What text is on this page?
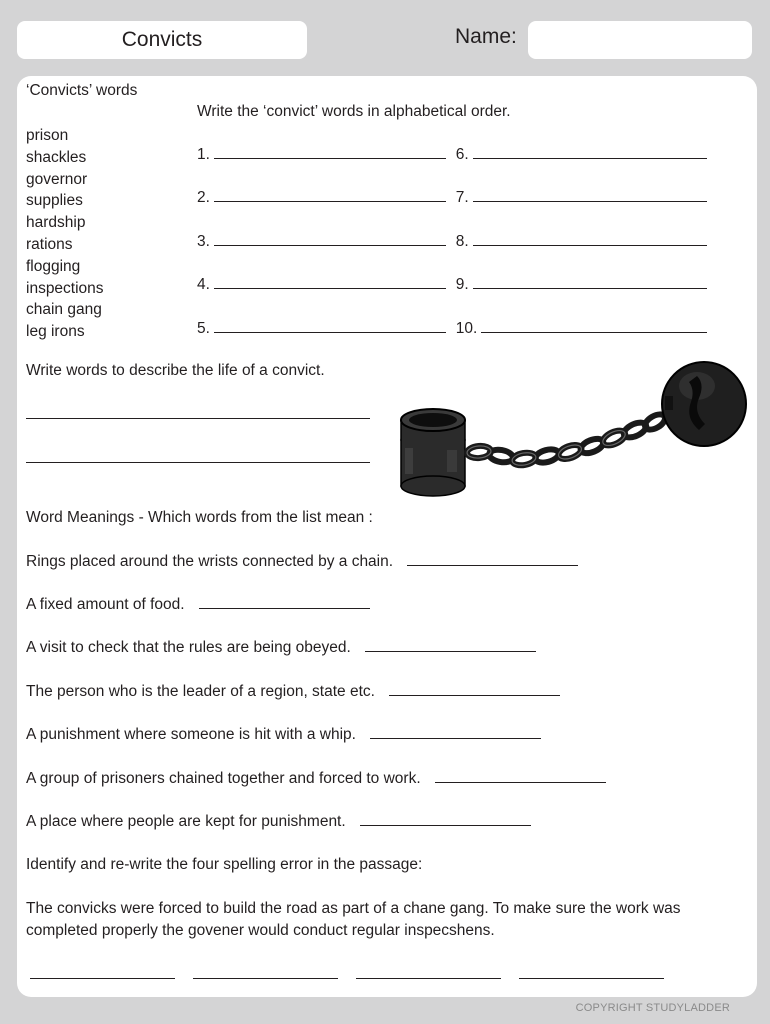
Convicts	Name:
‘Convicts’ words
prison
shackles
governor
supplies
hardship
rations
flogging
inspections
chain gang
leg irons
Write the ‘convict’ words in alphabetical order.
1.	6.
2.	7.
3.	8.
4.	9.
5.	10.
Write words to describe the life of a convict.
Word Meanings - Which words from the list mean :
Rings placed around the wrists connected by a chain.
A fixed amount of food.
A visit to check that the rules are being obeyed.
The person who is the leader of a region, state etc.
A punishment where someone is hit with a whip.
A group of prisoners chained together and forced to work.
A place where people are kept for punishment.
Identify and re-write the four spelling error in the passage:
The convicks were forced to build the road as part of a chane gang. To make sure the work was
completed properly the govener would conduct regular inspecshens.

COPYRIGHT STUDYLADDER
